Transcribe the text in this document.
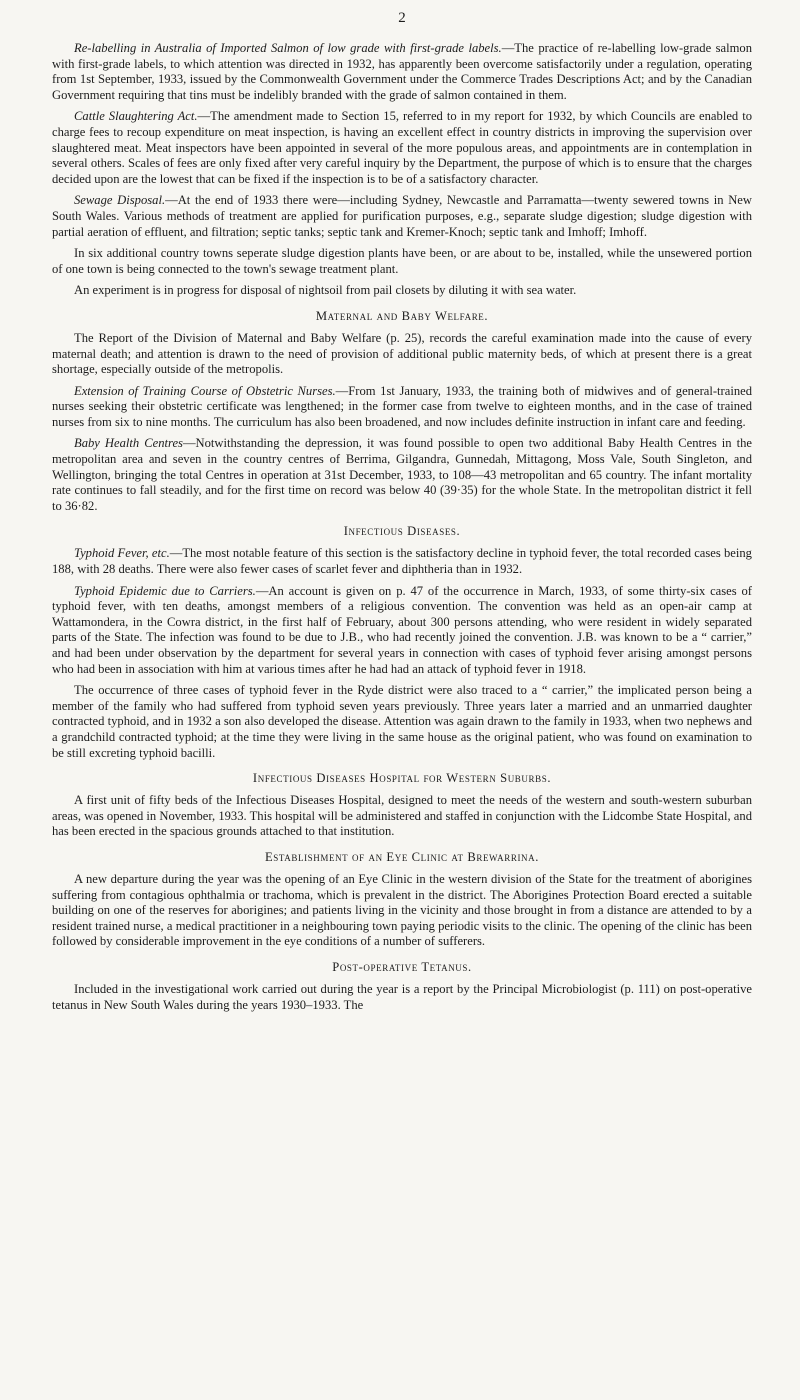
2

Re-labelling in Australia of Imported Salmon of low grade with first-grade labels.—The practice of re-labelling low-grade salmon with first-grade labels, to which attention was directed in 1932, has apparently been overcome satisfactorily under a regulation, operating from 1st September, 1933, issued by the Commonwealth Government under the Commerce Trades Descriptions Act; and by the Canadian Government requiring that tins must be indelibly branded with the grade of salmon contained in them.

Cattle Slaughtering Act.—The amendment made to Section 15, referred to in my report for 1932, by which Councils are enabled to charge fees to recoup expenditure on meat inspection, is having an excellent effect in country districts in improving the supervision over slaughtered meat. Meat inspectors have been appointed in several of the more populous areas, and appointments are in contemplation in several others. Scales of fees are only fixed after very careful inquiry by the Department, the purpose of which is to ensure that the charges decided upon are the lowest that can be fixed if the inspection is to be of a satisfactory character.

Sewage Disposal.—At the end of 1933 there were—including Sydney, Newcastle and Parramatta—twenty sewered towns in New South Wales. Various methods of treatment are applied for purification purposes, e.g., separate sludge digestion; sludge digestion with partial aeration of effluent, and filtration; septic tanks; septic tank and Kremer-Knoch; septic tank and Imhoff; Imhoff.

In six additional country towns seperate sludge digestion plants have been, or are about to be, installed, while the unsewered portion of one town is being connected to the town's sewage treatment plant.

An experiment is in progress for disposal of nightsoil from pail closets by diluting it with sea water.

Maternal and Baby Welfare.

The Report of the Division of Maternal and Baby Welfare (p. 25), records the careful examination made into the cause of every maternal death; and attention is drawn to the need of provision of additional public maternity beds, of which at present there is a great shortage, especially outside of the metropolis.

Extension of Training Course of Obstetric Nurses.—From 1st January, 1933, the training both of midwives and of general-trained nurses seeking their obstetric certificate was lengthened; in the former case from twelve to eighteen months, and in the case of trained nurses from six to nine months. The curriculum has also been broadened, and now includes definite instruction in infant care and feeding.

Baby Health Centres—Notwithstanding the depression, it was found possible to open two additional Baby Health Centres in the metropolitan area and seven in the country centres of Berrima, Gilgandra, Gunnedah, Mittagong, Moss Vale, South Singleton, and Wellington, bringing the total Centres in operation at 31st December, 1933, to 108—43 metropolitan and 65 country. The infant mortality rate continues to fall steadily, and for the first time on record was below 40 (39·35) for the whole State. In the metropolitan district it fell to 36·82.

Infectious Diseases.

Typhoid Fever, etc.—The most notable feature of this section is the satisfactory decline in typhoid fever, the total recorded cases being 188, with 28 deaths. There were also fewer cases of scarlet fever and diphtheria than in 1932.

Typhoid Epidemic due to Carriers.—An account is given on p. 47 of the occurrence in March, 1933, of some thirty-six cases of typhoid fever, with ten deaths, amongst members of a religious convention. The convention was held as an open-air camp at Wattamondera, in the Cowra district, in the first half of February, about 300 persons attending, who were resident in widely separated parts of the State. The infection was found to be due to J.B., who had recently joined the convention. J.B. was known to be a “ carrier,” and had been under observation by the department for several years in connection with cases of typhoid fever arising amongst persons who had been in association with him at various times after he had had an attack of typhoid fever in 1918.

The occurrence of three cases of typhoid fever in the Ryde district were also traced to a “ carrier,” the implicated person being a member of the family who had suffered from typhoid seven years previously. Three years later a married and an unmarried daughter contracted typhoid, and in 1932 a son also developed the disease. Attention was again drawn to the family in 1933, when two nephews and a grandchild contracted typhoid; at the time they were living in the same house as the original patient, who was found on examination to be still excreting typhoid bacilli.

Infectious Diseases Hospital for Western Suburbs.

A first unit of fifty beds of the Infectious Diseases Hospital, designed to meet the needs of the western and south-western suburban areas, was opened in November, 1933. This hospital will be administered and staffed in conjunction with the Lidcombe State Hospital, and has been erected in the spacious grounds attached to that institution.

Establishment of an Eye Clinic at Brewarrina.

A new departure during the year was the opening of an Eye Clinic in the western division of the State for the treatment of aborigines suffering from contagious ophthalmia or trachoma, which is prevalent in the district. The Aborigines Protection Board erected a suitable building on one of the reserves for aborigines; and patients living in the vicinity and those brought in from a distance are attended to by a resident trained nurse, a medical practitioner in a neighbouring town paying periodic visits to the clinic. The opening of the clinic has been followed by considerable improvement in the eye conditions of a number of sufferers.

Post-operative Tetanus.

Included in the investigational work carried out during the year is a report by the Principal Microbiologist (p. 111) on post-operative tetanus in New South Wales during the years 1930–1933. The
